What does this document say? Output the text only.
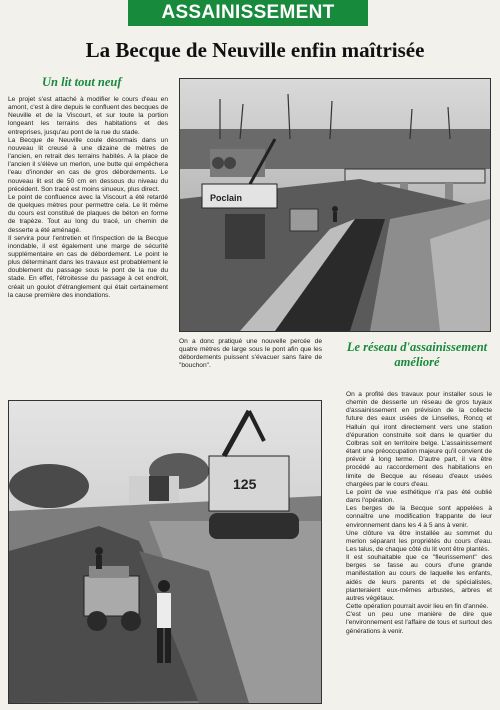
ASSAINISSEMENT
La Becque de Neuville enfin maîtrisée
Un lit tout neuf

Le projet s'est attaché à modifier le cours d'eau en amont, c'est à dire depuis le confluent des becques de Neuville et de la Viscourt, et sur toute la portion longeant les terrains des habitations et des entreprises, jusqu'au pont de la rue du stade.

La Becque de Neuville coule désormais dans un nouveau lit creusé à une dizaine de mètres de l'ancien, en retrait des terrains habités. A la place de l'ancien il s'élève un merlon, une butte qui empêchera l'eau d'inonder en cas de gros débordements. Le nouveau lit est de 50 cm en dessous du niveau du précédent. Son tracé est moins sinueux, plus direct.

Le point de confluence avec la Viscourt a été retardé de quelques mètres pour permettre cela. Le lit même du cours est constitué de plaques de béton en forme de trapèze. Tout au long du tracé, un chemin de desserte a été aménagé.

Il servira pour l'entretien et l'inspection de la Becque inondable, il est également une marge de sécurité supplémentaire en cas de débordement. Le point le plus déterminant dans les travaux est probablement le doublement du passage sous le pont de la rue du stade. En effet, l'étroitesse du passage à cet endroit, créait un goulot d'étranglement qui était certainement la cause première des inondations.

Poclain
On a donc pratiqué une nouvelle percée de quatre mètres de large sous le pont afin que les débordements puissent s'évacuer sans faire de "bouchon".
Le réseau d'assainissement
amélioré
125

On a profité des travaux pour installer sous le chemin de desserte un réseau de gros tuyaux d'assainissement en prévision de la collecte future des eaux usées de Linselles, Roncq et Halluin qui iront directement vers une station d'épuration construite soit dans le quartier du Colbras soit en territoire belge. L'assainissement étant une préoccupation majeure qu'il convient de prévoir à long terme. D'autre part, il va être procédé au raccordement des habitations en limite de Becque au réseau d'eaux usées chargées par le cours d'eau.

Le point de vue esthétique n'a pas été oublié dans l'opération.

Les berges de la Becque sont appelées à connaître une modification frappante de leur environnement dans les 4 à 5 ans à venir.

Une clôture va être installée au sommet du merlon séparant les propriétés du cours d'eau. Les talus, de chaque côté du lit vont être plantés.

Il est souhaitable que ce "fleurissement" des berges se fasse au cours d'une grande manifestation au cours de laquelle les enfants, aidés de leurs parents et de spécialistes, planteraient eux-mêmes arbustes, arbres et autres végétaux.

Cette opération pourrait avoir lieu en fin d'année.

C'est un peu une manière de dire que l'environnement est l'affaire de tous et surtout des générations à venir.
